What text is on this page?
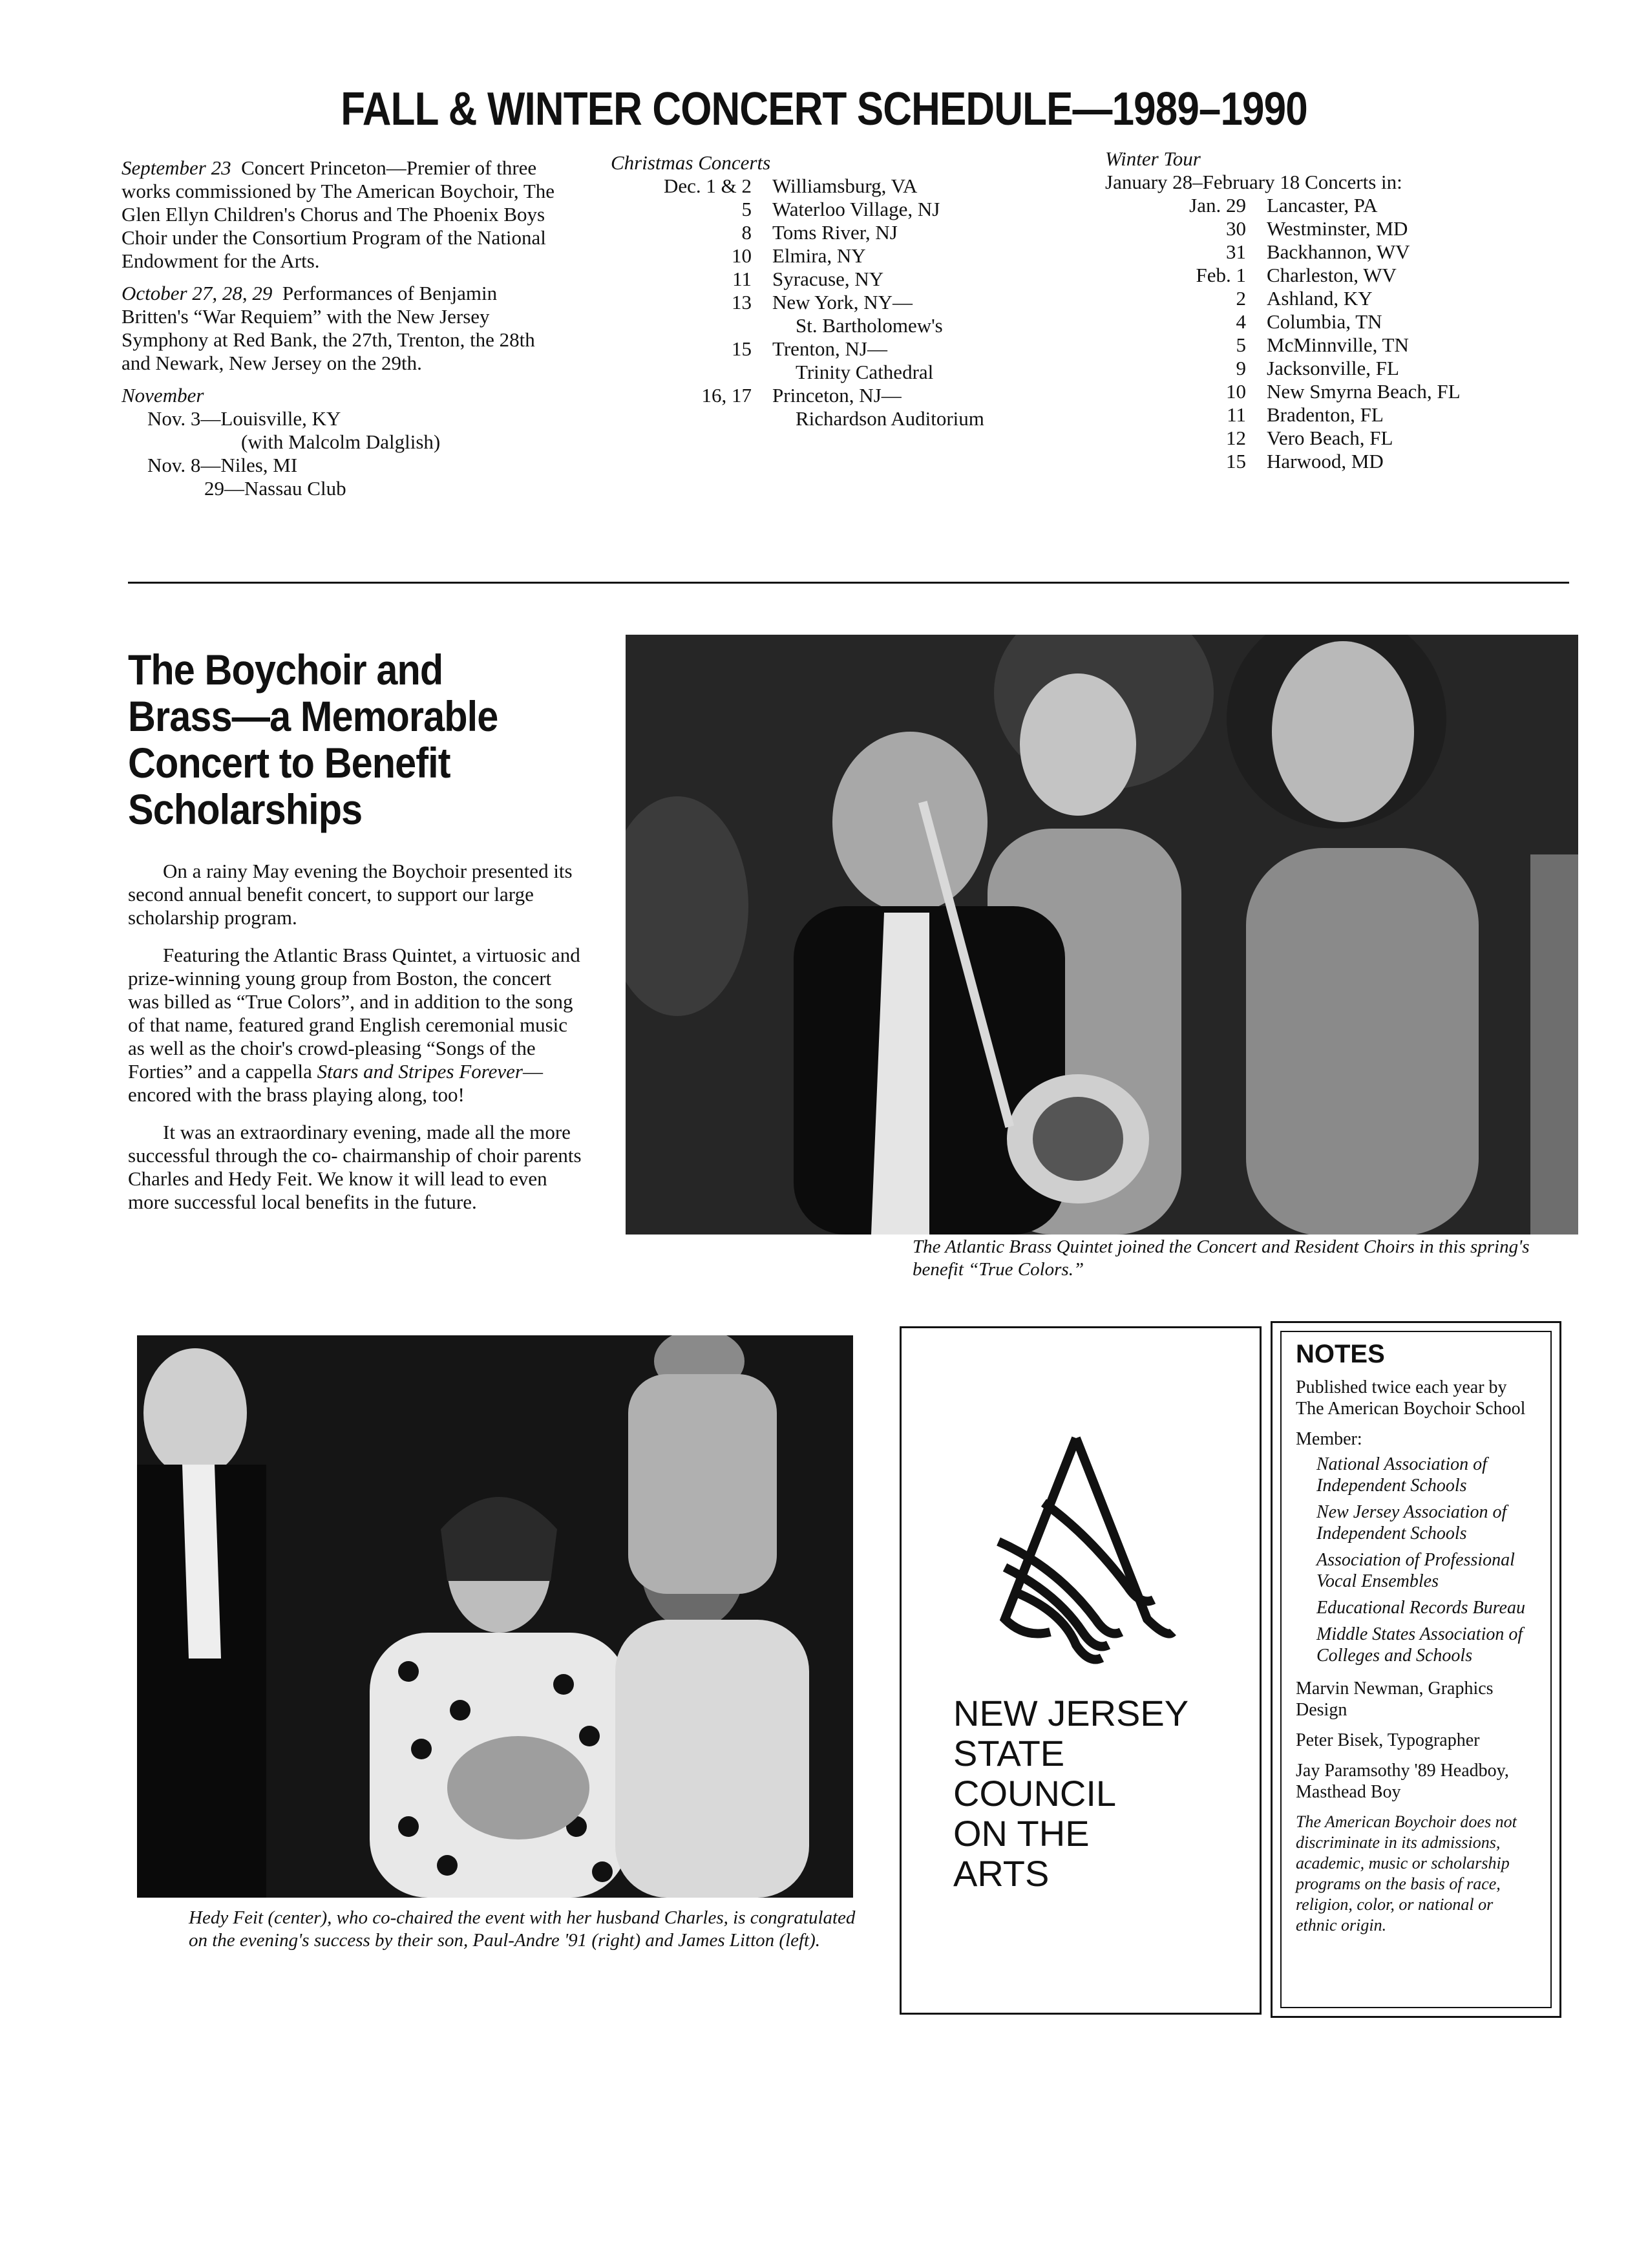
FALL & WINTER CONCERT SCHEDULE—1989–1990
September 23 Concert Princeton—Premier of three works commissioned by The American Boychoir, The Glen Ellyn Children's Chorus and The Phoenix Boys Choir under the Consortium Program of the National Endowment for the Arts.
October 27, 28, 29 Performances of Benjamin Britten's “War Requiem” with the New Jersey Symphony at Red Bank, the 27th, Trenton, the 28th and Newark, New Jersey on the 29th.
November
Nov. 3—Louisville, KY
(with Malcolm Dalglish)
Nov. 8—Niles, MI
29—Nassau Club
Christmas Concerts
Dec. 1 & 2	Williamsburg, VA
5	Waterloo Village, NJ
8	Toms River, NJ
10	Elmira, NY
11	Syracuse, NY
13	New York, NY—
St. Bartholomew's
15	Trenton, NJ—
Trinity Cathedral
16, 17	Princeton, NJ—
Richardson Auditorium
Winter Tour
January 28–February 18 Concerts in:
Jan. 29	Lancaster, PA
30	Westminster, MD
31	Backhannon, WV
Feb. 1	Charleston, WV
2	Ashland, KY
4	Columbia, TN
5	McMinnville, TN
9	Jacksonville, FL
10	New Smyrna Beach, FL
11	Bradenton, FL
12	Vero Beach, FL
15	Harwood, MD
The Boychoir and Brass—a Memorable Concert to Benefit Scholarships

On a rainy May evening the Boychoir presented its second annual benefit concert, to support our large scholarship program.

Featuring the Atlantic Brass Quintet, a virtuosic and prize-winning young group from Boston, the concert was billed as “True Colors”, and in addition to the song of that name, featured grand English ceremonial music as well as the choir's crowd-pleasing “Songs of the Forties” and a cappella Stars and Stripes Forever—encored with the brass playing along, too!

It was an extraordinary evening, made all the more successful through the co- chairmanship of choir parents Charles and Hedy Feit. We know it will lead to even more successful local benefits in the future.

The Atlantic Brass Quintet joined the Concert and Resident Choirs in this spring's benefit “True Colors.”
Hedy Feit (center), who co-chaired the event with her husband Charles, is congratulated on the evening's success by their son, Paul-Andre '91 (right) and James Litton (left).
NEW JERSEY
STATE
COUNCIL
ON THE
ARTS
NOTES

Published twice each year by The American Boychoir School

Member:

National Association of Independent Schools

New Jersey Association of Independent Schools

Association of Professional Vocal Ensembles

Educational Records Bureau

Middle States Association of Colleges and Schools

Marvin Newman, Graphics Design

Peter Bisek, Typographer

Jay Paramsothy '89 Headboy, Masthead Boy

The American Boychoir does not discriminate in its admissions, academic, music or scholarship programs on the basis of race, religion, color, or national or ethnic origin.
